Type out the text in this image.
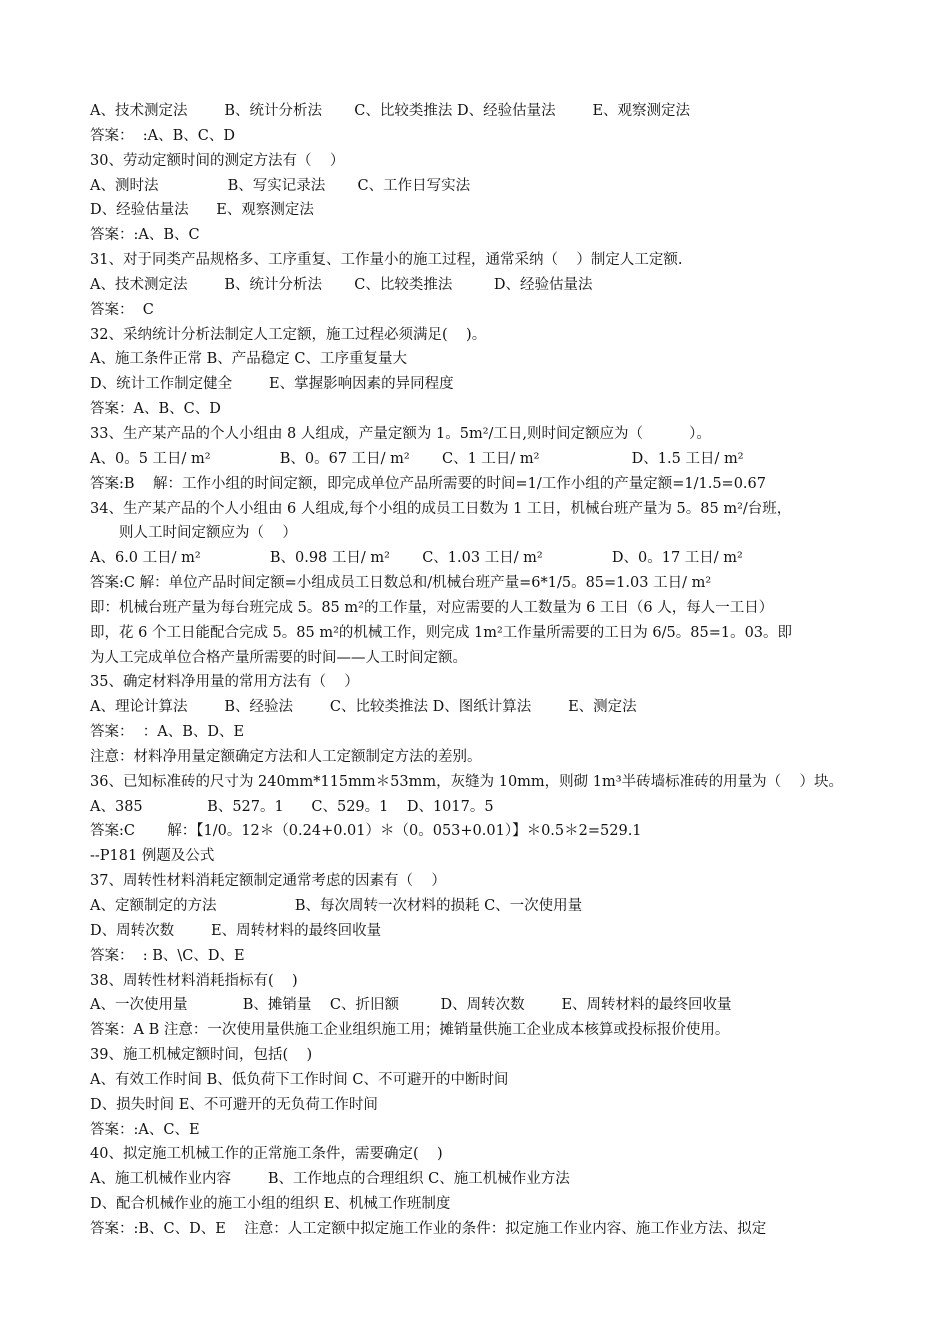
A、技术测定法        B、统计分析法       C、比较类推法 D、经验估量法        E、观察测定法
答案：  :A、B、C、D
30、劳动定额时间的测定方法有（    ）
A、测时法               B、写实记录法       C、工作日写实法
D、经验估量法      E、观察测定法
答案：:A、B、C
31、对于同类产品规格多、工序重复、工作量小的施工过程，通常采纳（    ）制定人工定额.
A、技术测定法        B、统计分析法       C、比较类推法         D、经验估量法
答案：  C
32、采纳统计分析法制定人工定额，施工过程必须满足(    )。
A、施工条件正常 B、产品稳定 C、工序重复量大
D、统计工作制定健全        E、掌握影响因素的异同程度
答案：A、B、C、D
33、生产某产品的个人小组由 8 人组成，产量定额为 1。5m²/工日,则时间定额应为（          ）。
A、0。5 工日/ m²               B、0。67 工日/ m²       C、1 工日/ m²                    D、1.5 工日/ m²
答案:B    解：工作小组的时间定额，即完成单位产品所需要的时间=1/工作小组的产量定额=1/1.5=0.67
34、生产某产品的个人小组由 6 人组成,每个小组的成员工日数为 1 工日，机械台班产量为 5。85 m²/台班，
则人工时间定额应为（    ）
A、6.0 工日/ m²               B、0.98 工日/ m²       C、1.03 工日/ m²               D、0。17 工日/ m²
答案:C 解：单位产品时间定额=小组成员工日数总和/机械台班产量=6*1/5。85=1.03 工日/ m²
即：机械台班产量为每台班完成 5。85 m²的工作量，对应需要的人工数量为 6 工日（6 人，每人一工日）
即，花 6 个工日能配合完成 5。85 m²的机械工作，则完成 1m²工作量所需要的工日为 6/5。85=1。03。即
为人工完成单位合格产量所需要的时间——人工时间定额。
35、确定材料净用量的常用方法有（    ）
A、理论计算法        B、经验法        C、比较类推法 D、图纸计算法        E、测定法
答案：  ：A、B、D、E
注意：材料净用量定额确定方法和人工定额制定方法的差别。
36、已知标准砖的尺寸为 240mm*115mm＊53mm，灰缝为 10mm，则砌 1m³半砖墙标准砖的用量为（    ）块。
A、385              B、527。1      C、529。1    D、1017。5
答案:C       解：【1/0。12＊（0.24+0.01）＊（0。053+0.01）】＊0.5＊2=529.1
--P181 例题及公式
37、周转性材料消耗定额制定通常考虑的因素有（    ）
A、定额制定的方法                 B、每次周转一次材料的损耗 C、一次使用量
D、周转次数        E、周转材料的最终回收量
答案：  : B、\C、D、E
38、周转性材料消耗指标有(    )
A、一次使用量            B、摊销量    C、折旧额         D、周转次数        E、周转材料的最终回收量
答案：A B 注意：一次使用量供施工企业组织施工用；摊销量供施工企业成本核算或投标报价使用。
39、施工机械定额时间，包括(    )
A、有效工作时间 B、低负荷下工作时间 C、不可避开的中断时间
D、损失时间 E、不可避开的无负荷工作时间
答案：:A、C、E
40、拟定施工机械工作的正常施工条件，需要确定(    )
A、施工机械作业内容        B、工作地点的合理组织 C、施工机械作业方法
D、配合机械作业的施工小组的组织 E、机械工作班制度
答案：:B、C、D、E    注意：人工定额中拟定施工作业的条件：拟定施工作业内容、施工作业方法、拟定
